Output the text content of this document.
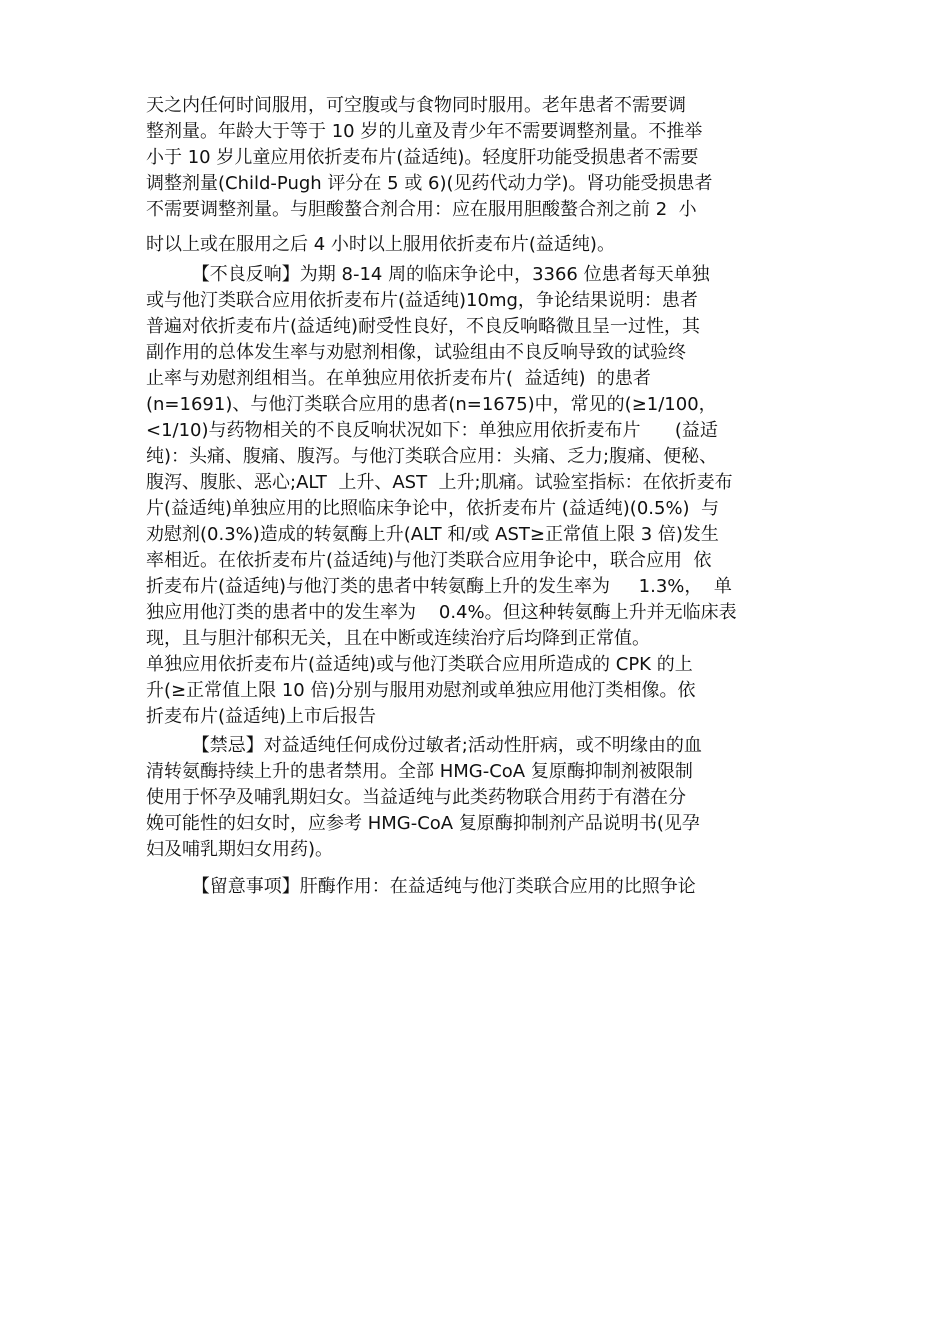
天之内任何时间服用，可空腹或与食物同时服用。老年患者不需要调
整剂量。年龄大于等于 10 岁的儿童及青少年不需要调整剂量。不推举
小于 10 岁儿童应用依折麦布片(益适纯)。轻度肝功能受损患者不需要
调整剂量(Child-Pugh 评分在 5 或 6)(见药代动力学)。肾功能受损患者
不需要调整剂量。与胆酸螯合剂合用：应在服用胆酸螯合剂之前 2  小
时以上或在服用之后 4 小时以上服用依折麦布片(益适纯)。
【不良反响】为期 8-14 周的临床争论中，3366 位患者每天单独
或与他汀类联合应用依折麦布片(益适纯)10mg，争论结果说明：患者
普遍对依折麦布片(益适纯)耐受性良好，不良反响略微且呈一过性，其
副作用的总体发生率与劝慰剂相像，试验组由不良反响导致的试验终
止率与劝慰剂组相当。在单独应用依折麦布片(  益适纯)  的患者
(n=1691)、与他汀类联合应用的患者(n=1675)中，常见的(≥1/100，
<1/10)与药物相关的不良反响状况如下：单独应用依折麦布片      (益适
纯)：头痛、腹痛、腹泻。与他汀类联合应用：头痛、乏力;腹痛、便秘、
腹泻、腹胀、恶心;ALT  上升、AST  上升;肌痛。试验室指标：在依折麦布
片(益适纯)单独应用的比照临床争论中，依折麦布片 (益适纯)(0.5%)  与
劝慰剂(0.3%)造成的转氨酶上升(ALT 和/或 AST≥正常值上限 3 倍)发生
率相近。在依折麦布片(益适纯)与他汀类联合应用争论中，联合应用  依
折麦布片(益适纯)与他汀类的患者中转氨酶上升的发生率为     1.3%，  单
独应用他汀类的患者中的发生率为    0.4%。但这种转氨酶上升并无临床表
现，且与胆汁郁积无关，且在中断或连续治疗后均降到正常值。
单独应用依折麦布片(益适纯)或与他汀类联合应用所造成的 CPK 的上
升(≥正常值上限 10 倍)分别与服用劝慰剂或单独应用他汀类相像。依
折麦布片(益适纯)上市后报告
【禁忌】对益适纯任何成份过敏者;活动性肝病，或不明缘由的血
清转氨酶持续上升的患者禁用。全部 HMG-CoA 复原酶抑制剂被限制
使用于怀孕及哺乳期妇女。当益适纯与此类药物联合用药于有潜在分
娩可能性的妇女时，应参考 HMG-CoA 复原酶抑制剂产品说明书(见孕
妇及哺乳期妇女用药)。
【留意事项】肝酶作用：在益适纯与他汀类联合应用的比照争论
